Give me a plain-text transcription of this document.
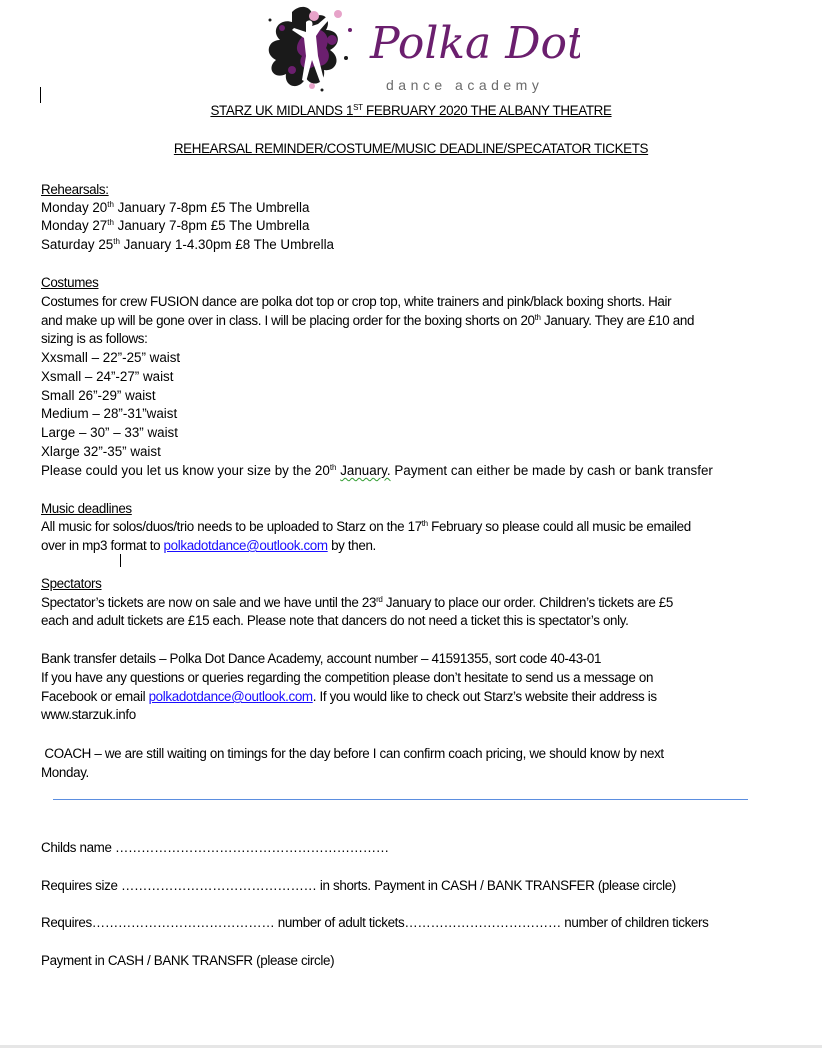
Polka Dot
dance academy
STARZ UK MIDLANDS 1ST FEBRUARY 2020 THE ALBANY THEATRE
REHEARSAL REMINDER/COSTUME/MUSIC DEADLINE/SPECATATOR TICKETS
Rehearsals:
Monday 20th January 7-8pm £5 The Umbrella
Monday 27th January 7-8pm £5 The Umbrella
Saturday 25th January 1-4.30pm £8 The Umbrella
Costumes
Costumes for crew FUSION dance are polka dot top or crop top, white trainers and pink/black boxing shorts. Hair
and make up will be gone over in class. I will be placing order for the boxing shorts on 20th January. They are £10 and
sizing is as follows:
Xxsmall – 22”-25” waist
Xsmall – 24”-27” waist
Small 26”-29” waist
Medium – 28”-31”waist
Large – 30” – 33” waist
Xlarge 32”-35” waist
Please could you let us know your size by the 20th January. Payment can either be made by cash or bank transfer
Music deadlines
All music for solos/duos/trio needs to be uploaded to Starz on the 17th February so please could all music be emailed
over in mp3 format to polkadotdance@outlook.com by then.
Spectators
Spectator’s tickets are now on sale and we have until the 23rd January to place our order. Children’s tickets are £5
each and adult tickets are £15 each. Please note that dancers do not need a ticket this is spectator’s only.
Bank transfer details – Polka Dot Dance Academy, account number – 41591355, sort code 40-43-01
If you have any questions or queries regarding the competition please don’t hesitate to send us a message on
Facebook or email polkadotdance@outlook.com. If you would like to check out Starz’s website their address is
www.starzuk.info
COACH – we are still waiting on timings for the day before I can confirm coach pricing, we should know by next
Monday.
Childs name ………………………………………………………
Requires size ……………………………………… in shorts. Payment in CASH / BANK TRANSFER (please circle)
Requires…………………………………… number of adult tickets……………………………… number of children tickers
Payment in CASH / BANK TRANSFR (please circle)
